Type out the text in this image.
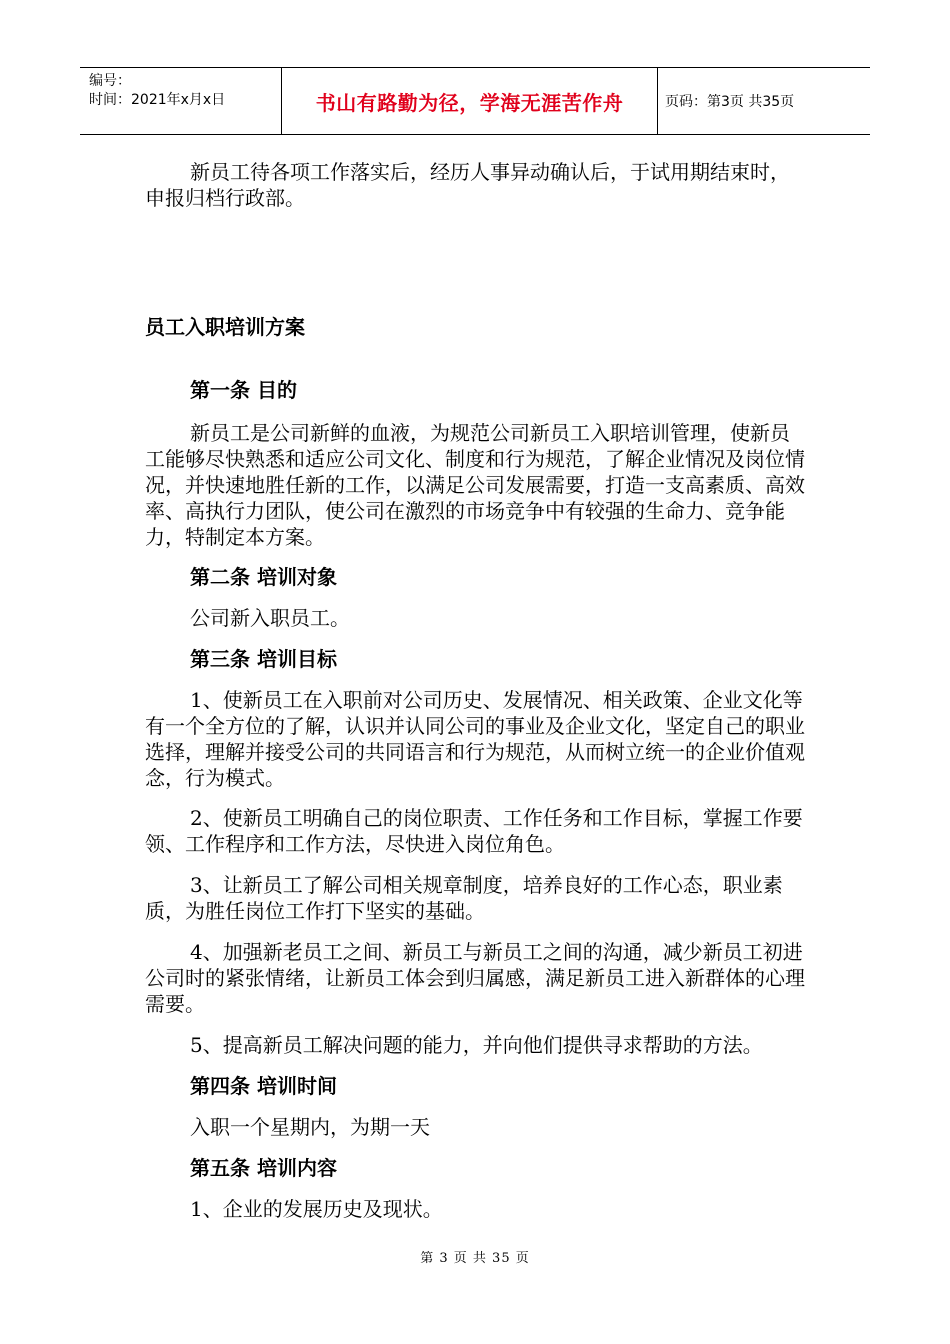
编号：
时间：2021年x月x日	书山有路勤为径，学海无涯苦作舟	页码：第3页 共35页

新员工待各项工作落实后，经历人事异动确认后，于试用期结束时，申报归档行政部。

员工入职培训方案

第一条 目的

新员工是公司新鲜的血液，为规范公司新员工入职培训管理，使新员工能够尽快熟悉和适应公司文化、制度和行为规范，了解企业情况及岗位情况，并快速地胜任新的工作，以满足公司发展需要，打造一支高素质、高效率、高执行力团队，使公司在激烈的市场竞争中有较强的生命力、竞争能力，特制定本方案。

第二条 培训对象

公司新入职员工。

第三条 培训目标

1、使新员工在入职前对公司历史、发展情况、相关政策、企业文化等有一个全方位的了解，认识并认同公司的事业及企业文化，坚定自己的职业选择，理解并接受公司的共同语言和行为规范，从而树立统一的企业价值观念，行为模式。

2、使新员工明确自己的岗位职责、工作任务和工作目标，掌握工作要领、工作程序和工作方法，尽快进入岗位角色。

3、让新员工了解公司相关规章制度，培养良好的工作心态，职业素质，为胜任岗位工作打下坚实的基础。

4、加强新老员工之间、新员工与新员工之间的沟通，减少新员工初进公司时的紧张情绪，让新员工体会到归属感，满足新员工进入新群体的心理需要。

5、提高新员工解决问题的能力，并向他们提供寻求帮助的方法。

第四条 培训时间

入职一个星期内，为期一天

第五条 培训内容

1、企业的发展历史及现状。

第 3 页 共 35 页
